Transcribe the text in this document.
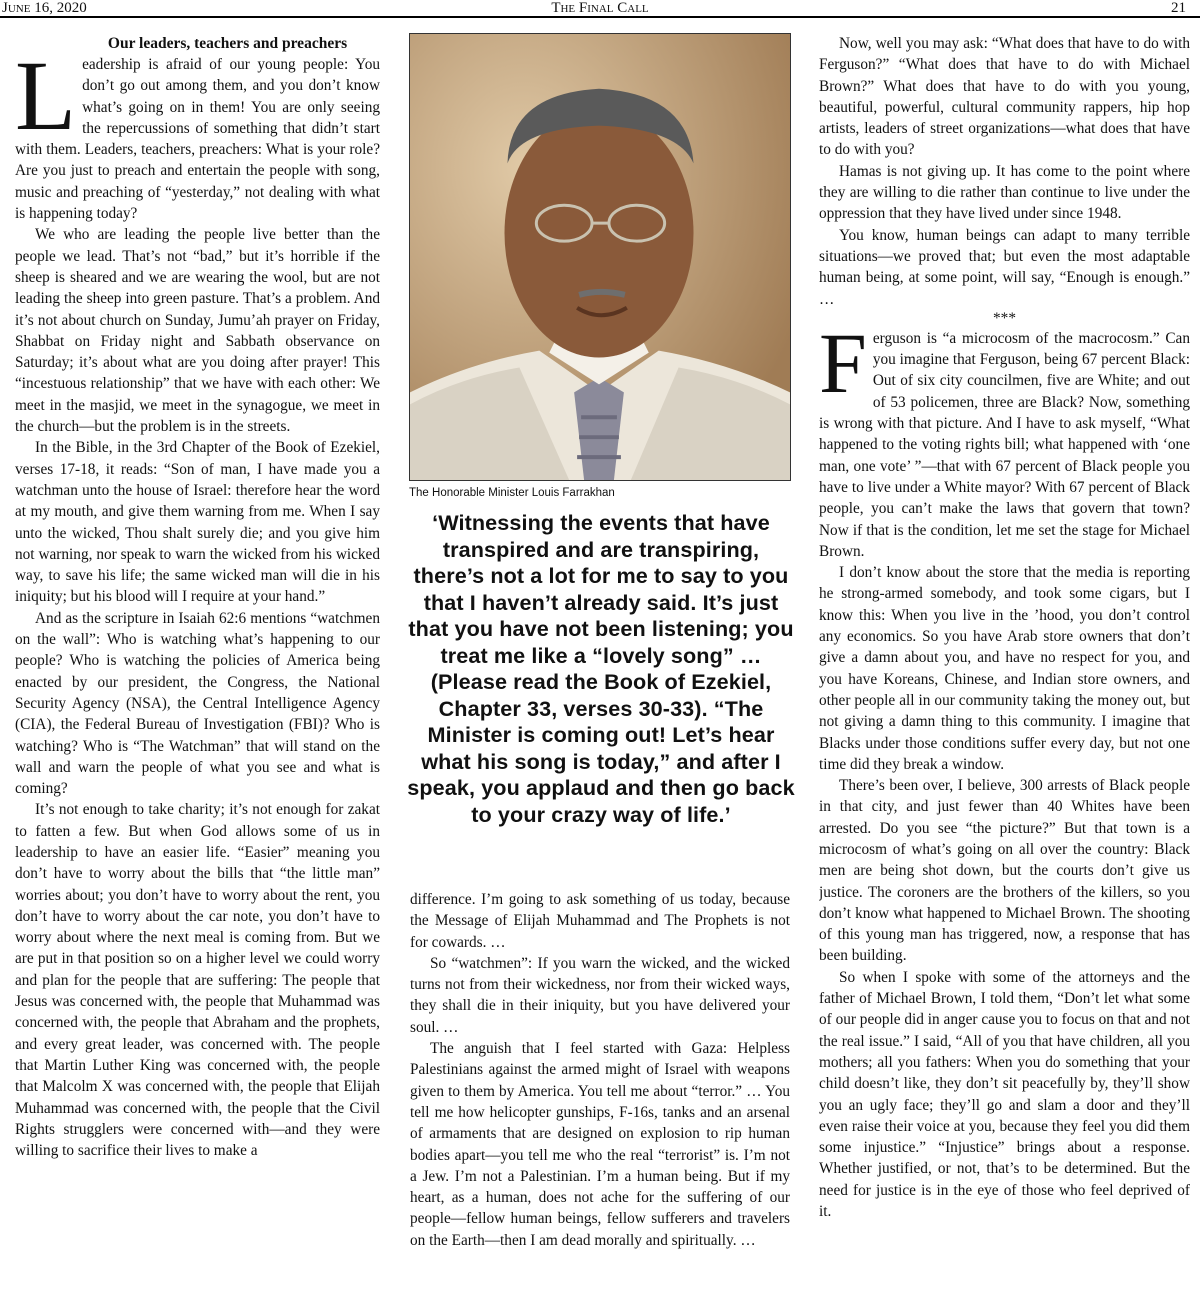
June 16, 2020	The Final Call	21

Our leaders, teachers and preachers

Leadership is afraid of our young people: You don’t go out among them, and you don’t know what’s going on in them! You are only seeing the repercussions of something that didn’t start with them. Leaders, teachers, preachers: What is your role? Are you just to preach and entertain the people with song, music and preaching of “yesterday,” not dealing with what is happening today?

We who are leading the people live better than the people we lead. That’s not “bad,” but it’s horrible if the sheep is sheared and we are wearing the wool, but are not leading the sheep into green pasture. That’s a problem. And it’s not about church on Sunday, Jumu’ah prayer on Friday, Shabbat on Friday night and Sabbath observance on Saturday; it’s about what are you doing after prayer! This “incestuous relationship” that we have with each other: We meet in the masjid, we meet in the synagogue, we meet in the church—but the problem is in the streets.

In the Bible, in the 3rd Chapter of the Book of Ezekiel, verses 17-18, it reads: “Son of man, I have made you a watchman unto the house of Israel: therefore hear the word at my mouth, and give them warning from me. When I say unto the wicked, Thou shalt surely die; and you give him not warning, nor speak to warn the wicked from his wicked way, to save his life; the same wicked man will die in his iniquity; but his blood will I require at your hand.”

And as the scripture in Isaiah 62:6 mentions “watchmen on the wall”: Who is watching what’s happening to our people? Who is watching the policies of America being enacted by our president, the Congress, the National Security Agency (NSA), the Central Intelligence Agency (CIA), the Federal Bureau of Investigation (FBI)? Who is watching? Who is “The Watchman” that will stand on the wall and warn the people of what you see and what is coming?

It’s not enough to take charity; it’s not enough for zakat to fatten a few. But when God allows some of us in leadership to have an easier life. “Easier” meaning you don’t have to worry about the bills that “the little man” worries about; you don’t have to worry about the rent, you don’t have to worry about the car note, you don’t have to worry about where the next meal is coming from. But we are put in that position so on a higher level we could worry and plan for the people that are suffering: The people that Jesus was concerned with, the people that Muhammad was concerned with, the people that Abraham and the prophets, and every great leader, was concerned with. The people that Martin Luther King was concerned with, the people that Malcolm X was concerned with, the people that Elijah Muhammad was concerned with, the people that the Civil Rights strugglers were concerned with—and they were willing to sacrifice their lives to make a

The Honorable Minister Louis Farrakhan
‘Witnessing the events that have transpired and are transpiring, there’s not a lot for me to say to you that I haven’t already said. It’s just that you have not been listening; you treat me like a “lovely song” … (Please read the Book of Ezekiel, Chapter 33, verses 30-33). “The Minister is coming out! Let’s hear what his song is today,” and after I speak, you applaud and then go back to your crazy way of life.’

difference. I’m going to ask something of us today, because the Message of Elijah Muhammad and The Prophets is not for cowards. …

So “watchmen”: If you warn the wicked, and the wicked turns not from their wickedness, nor from their wicked ways, they shall die in their iniquity, but you have delivered your soul. …

The anguish that I feel started with Gaza: Helpless Palestinians against the armed might of Israel with weapons given to them by America. You tell me about “terror.” … You tell me how helicopter gunships, F-16s, tanks and an arsenal of armaments that are designed on explosion to rip human bodies apart—you tell me who the real “terrorist” is. I’m not a Jew. I’m not a Palestinian. I’m a human being. But if my heart, as a human, does not ache for the suffering of our people—fellow human beings, fellow sufferers and travelers on the Earth—then I am dead morally and spiritually. …

Now, well you may ask: “What does that have to do with Ferguson?” “What does that have to do with Michael Brown?” What does that have to do with you young, beautiful, powerful, cultural community rappers, hip hop artists, leaders of street organizations—what does that have to do with you?

Hamas is not giving up. It has come to the point where they are willing to die rather than continue to live under the oppression that they have lived under since 1948.

You know, human beings can adapt to many terrible situations—we proved that; but even the most adaptable human being, at some point, will say, “Enough is enough.” …

***

Ferguson is “a microcosm of the macrocosm.” Can you imagine that Ferguson, being 67 percent Black: Out of six city councilmen, five are White; and out of 53 policemen, three are Black? Now, something is wrong with that picture. And I have to ask myself, “What happened to the voting rights bill; what happened with ‘one man, one vote’ ”—that with 67 percent of Black people you have to live under a White mayor? With 67 percent of Black people, you can’t make the laws that govern that town? Now if that is the condition, let me set the stage for Michael Brown.

I don’t know about the store that the media is reporting he strong-armed somebody, and took some cigars, but I know this: When you live in the ’hood, you don’t control any economics. So you have Arab store owners that don’t give a damn about you, and have no respect for you, and you have Koreans, Chinese, and Indian store owners, and other people all in our community taking the money out, but not giving a damn thing to this community. I imagine that Blacks under those conditions suffer every day, but not one time did they break a window.

There’s been over, I believe, 300 arrests of Black people in that city, and just fewer than 40 Whites have been arrested. Do you see “the picture?” But that town is a microcosm of what’s going on all over the country: Black men are being shot down, but the courts don’t give us justice. The coroners are the brothers of the killers, so you don’t know what happened to Michael Brown. The shooting of this young man has triggered, now, a response that has been building.

So when I spoke with some of the attorneys and the father of Michael Brown, I told them, “Don’t let what some of our people did in anger cause you to focus on that and not the real issue.” I said, “All of you that have children, all you mothers; all you fathers: When you do something that your child doesn’t like, they don’t sit peacefully by, they’ll show you an ugly face; they’ll go and slam a door and they’ll even raise their voice at you, because they feel you did them some injustice.” “Injustice” brings about a response. Whether justified, or not, that’s to be determined. But the need for justice is in the eye of those who feel deprived of it.
